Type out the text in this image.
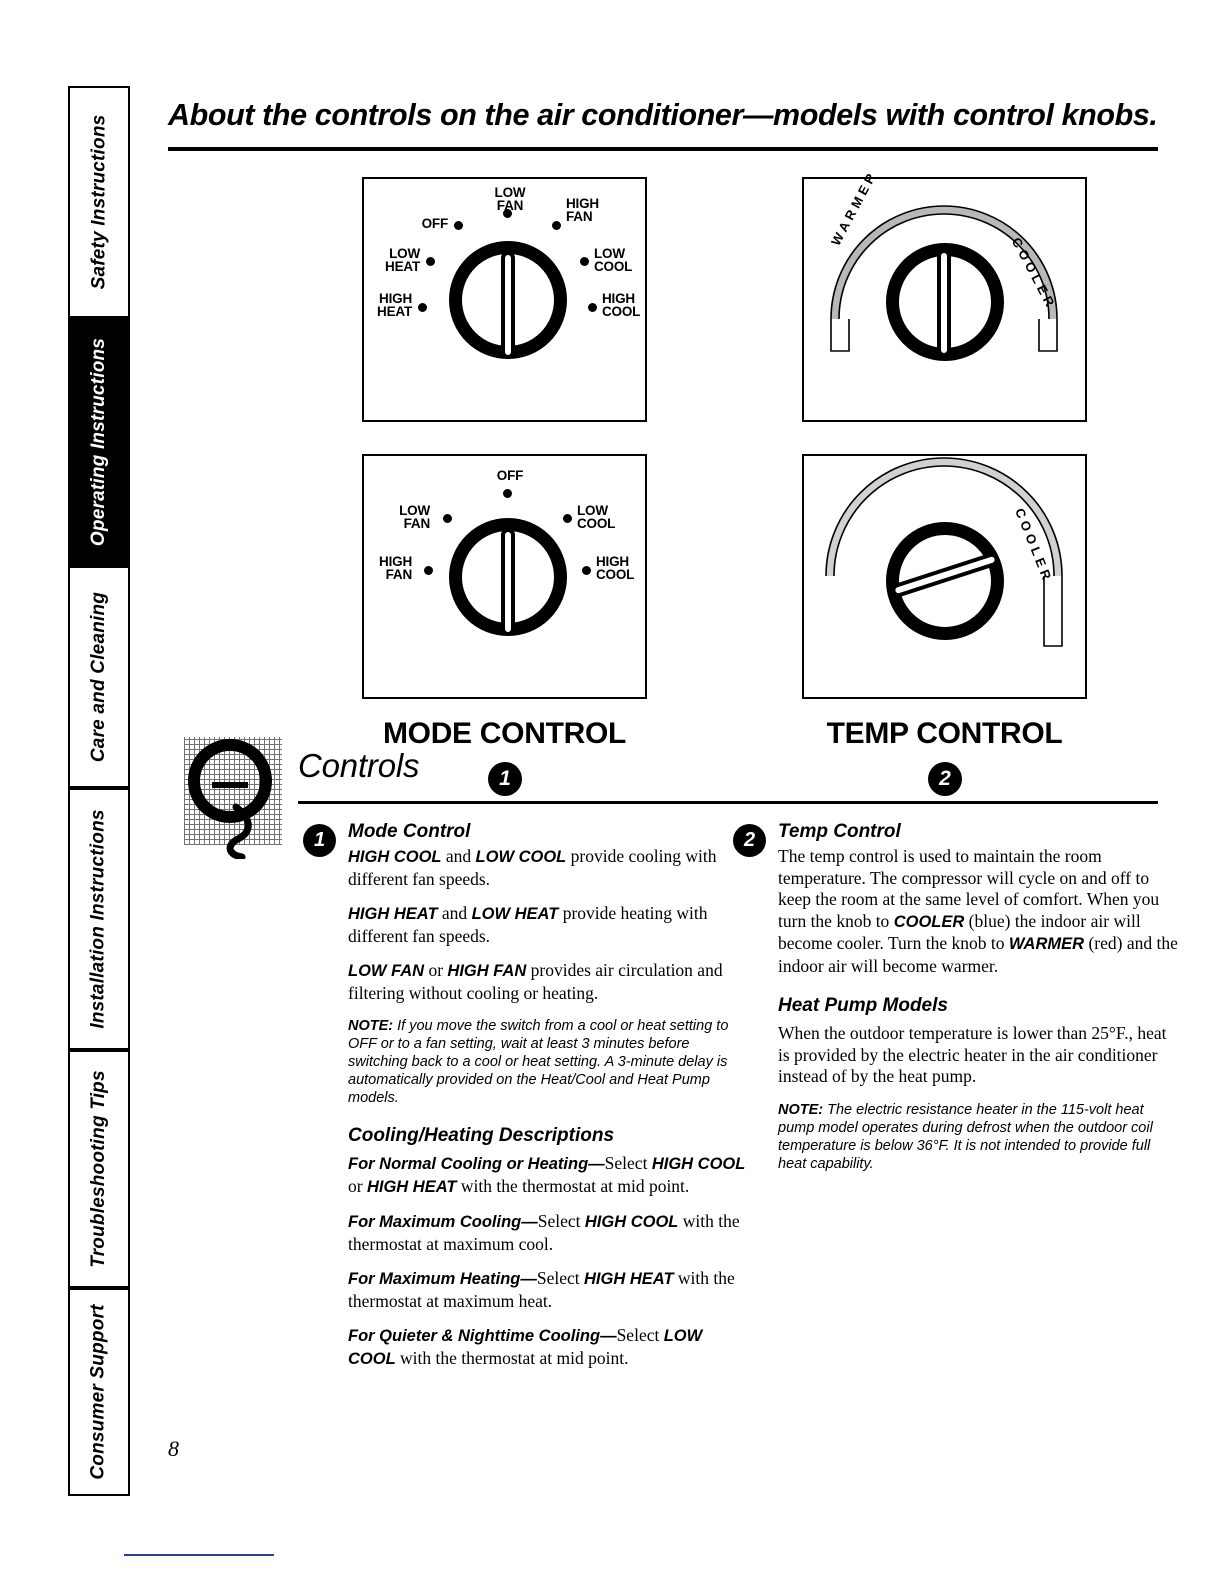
Safety Instructions
Operating Instructions
Care and Cleaning
Installation Instructions
Troubleshooting Tips
Consumer Support
About the controls on the air conditioner—models with control knobs.
OFF
LOW
FAN	HIGH
FAN
LOW
HEAT
LOW
COOL
HIGH
HEAT
HIGH
COOL
OFF
LOW
FAN
LOW
COOL
HIGH
FAN
HIGH
COOL
WARMER
COOLER
COOLER
MODE CONTROL	TEMP CONTROL
1	2
Controls
1	2
Mode Control

HIGH COOL and LOW COOL provide cooling with different fan speeds.

HIGH HEAT and LOW HEAT provide heating with different fan speeds.

LOW FAN or HIGH FAN provides air circulation and filtering without cooling or heating.

NOTE: If you move the switch from a cool or heat setting to OFF or to a fan setting, wait at least 3 minutes before switching back to a cool or heat setting. A 3-minute delay is automatically provided on the Heat/Cool and Heat Pump models.

Cooling/Heating Descriptions

For Normal Cooling or Heating—Select HIGH COOL or HIGH HEAT with the thermostat at mid point.

For Maximum Cooling—Select HIGH COOL with the thermostat at maximum cool.

For Maximum Heating—Select HIGH HEAT with the thermostat at maximum heat.

For Quieter & Nighttime Cooling—Select LOW COOL with the thermostat at mid point.

Temp Control

The temp control is used to maintain the room temperature. The compressor will cycle on and off to keep the room at the same level of comfort. When you turn the knob to COOLER (blue) the indoor air will become cooler. Turn the knob to WARMER (red) and the indoor air will become warmer.

Heat Pump Models

When the outdoor temperature is lower than 25°F., heat is provided by the electric heater in the air conditioner instead of by the heat pump.

NOTE: The electric resistance heater in the 115-volt heat pump model operates during defrost when the outdoor coil temperature is below 36°F. It is not intended to provide full heat capability.

8
